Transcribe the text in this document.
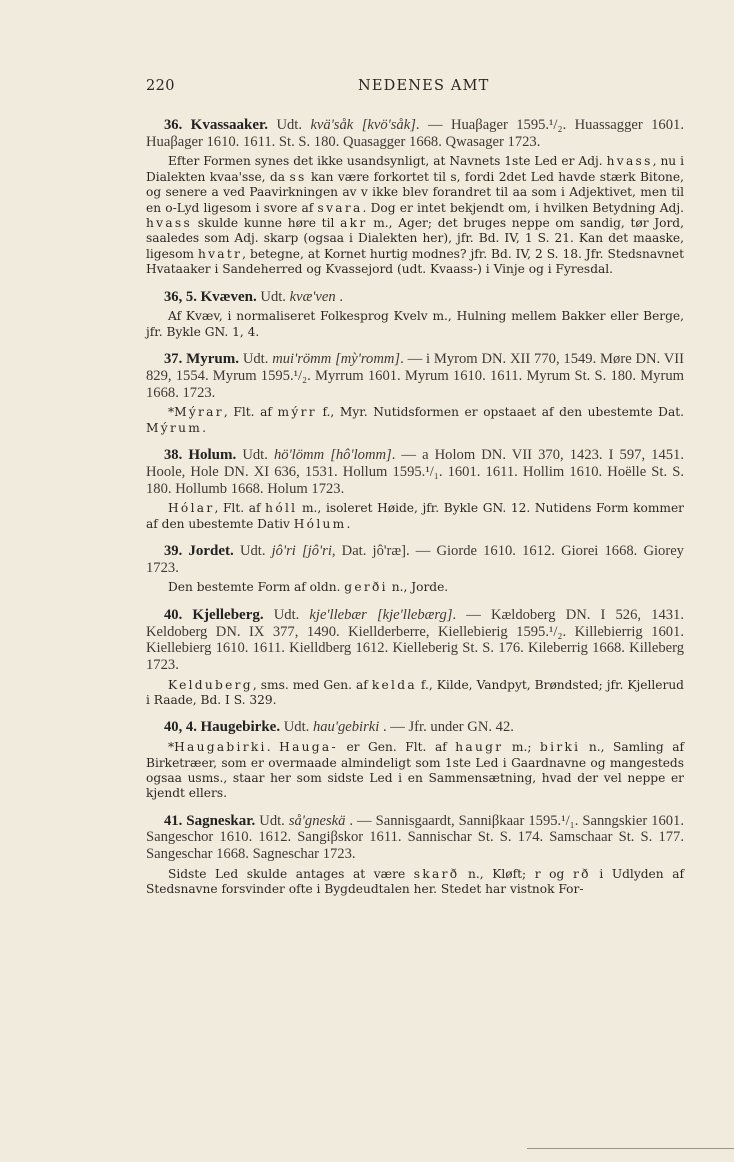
220	NEDENES AMT

36. Kvassaaker. Udt. kvä'såk [kvö'såk]. — Huaβager 1595.¹/₂. Huassagger 1601. Huaβager 1610. 1611. St. S. 180. Quasagger 1668. Qwasager 1723.

Efter Formen synes det ikke usandsynligt, at Navnets 1ste Led er Adj. hvass, nu i Dialekten kvaa'sse, da ss kan være forkortet til s, fordi 2det Led havde stærk Bitone, og senere a ved Paavirkningen av v ikke blev forandret til aa som i Adjektivet, men til en o-Lyd ligesom i svore af svara. Dog er intet bekjendt om, i hvilken Betydning Adj. hvass skulde kunne høre til akr m., Ager; det bruges neppe om sandig, tør Jord, saaledes som Adj. skarp (ogsaa i Dialekten her), jfr. Bd. IV, 1 S. 21. Kan det maaske, ligesom hvatr, betegne, at Kornet hurtig modnes? jfr. Bd. IV, 2 S. 18. Jfr. Stedsnavnet Hvataaker i Sandeherred og Kvassejord (udt. Kvaass-) i Vinje og i Fyresdal.

36, 5. Kvæven. Udt. kvæ'ven .

Af Kvæv, i normaliseret Folkesprog Kvelv m., Hulning mellem Bakker eller Berge, jfr. Bykle GN. 1, 4.

37. Myrum. Udt. mui'römm [mỳ'romm]. — i Myrom DN. XII 770, 1549. Møre DN. VII 829, 1554. Myrum 1595.¹/₂. Myrrum 1601. Myrum 1610. 1611. Myrum St. S. 180. Myrum 1668. 1723.

*Mýrar, Flt. af mýrr f., Myr. Nutidsformen er opstaaet af den ubestemte Dat. Mýrum.

38. Holum. Udt. hö'lömm [hô'lomm]. — a Holom DN. VII 370, 1423. I 597, 1451. Hoole, Hole DN. XI 636, 1531. Hollum 1595.¹/₁. 1601. 1611. Hollim 1610. Hoëlle St. S. 180. Hollumb 1668. Holum 1723.

Hólar, Flt. af hóll m., isoleret Høide, jfr. Bykle GN. 12. Nutidens Form kommer af den ubestemte Dativ Hólum.

39. Jordet. Udt. jô'ri [jô'ri, Dat. jô'ræ]. — Giorde 1610. 1612. Giorei 1668. Giorey 1723.

Den bestemte Form af oldn. gerði n., Jorde.

40. Kjelleberg. Udt. kje'llebær [kje'llebærg]. — Kældoberg DN. I 526, 1431. Keldoberg DN. IX 377, 1490. Kiellderberre, Kiellebierig 1595.¹/₂. Killebierrig 1601. Kiellebierg 1610. 1611. Kielldberg 1612. Kielleberig St. S. 176. Kileberrig 1668. Killeberg 1723.

Kelduberg, sms. med Gen. af kelda f., Kilde, Vandpyt, Brøndsted; jfr. Kjellerud i Raade, Bd. I S. 329.

40, 4. Haugebirke. Udt. hau'gebirki . — Jfr. under GN. 42.

*Haugabirki. Hauga- er Gen. Flt. af haugr m.; birki n., Samling af Birketræer, som er overmaade almindeligt som 1ste Led i Gaardnavne og mangesteds ogsaa usms., staar her som sidste Led i en Sammensætning, hvad der vel neppe er kjendt ellers.

41. Sagneskar. Udt. så'gneskä . — Sannisgaardt, Sanniβkaar 1595.¹/₁. Sanngskier 1601. Sangeschor 1610. 1612. Sangiβskor 1611. Sannischar St. S. 174. Samschaar St. S. 177. Sangeschar 1668. Sagneschar 1723.

Sidste Led skulde antages at være skarð n., Kløft; r og rð i Udlyden af Stedsnavne forsvinder ofte i Bygdeudtalen her. Stedet har vistnok For-
